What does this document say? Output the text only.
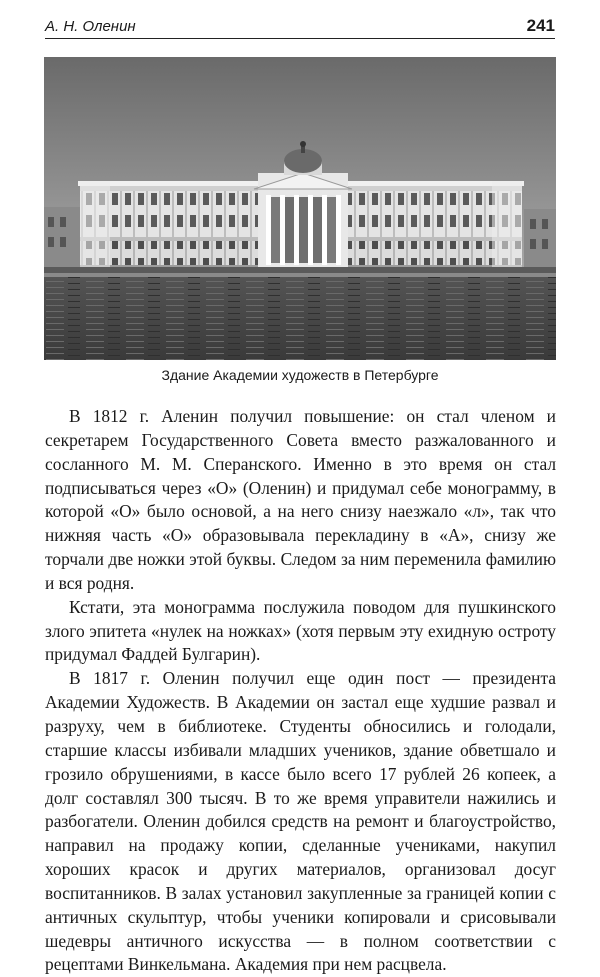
А. Н. Оленин	241
Здание Академии художеств в Петербурге

В 1812 г. Аленин получил повышение: он стал членом и секретарем Государственного Совета вместо разжалованного и сосланного М. М. Сперанского. Именно в это время он стал подписываться через «О» (Оленин) и придумал себе монограмму, в которой «О» было основой, а на него снизу наезжало «л», так что нижняя часть «О» образовывала перекладину в «А», снизу же торчали две ножки этой буквы. Следом за ним переменила фамилию и вся родня.

Кстати, эта монограмма послужила поводом для пушкинского злого эпитета «нулек на ножках» (хотя первым эту ехидную остроту придумал Фаддей Булгарин).

В 1817 г. Оленин получил еще один пост — президента Академии Художеств. В Академии он застал еще худшие развал и разруху, чем в библиотеке. Студенты обносились и голодали, старшие классы избивали младших учеников, здание обветшало и грозило обрушениями, в кассе было всего 17 рублей 26 копеек, а долг составлял 300 тысяч. В то же время управители нажились и разбогатели. Оленин добился средств на ремонт и благоустройство, направил на продажу копии, сделанные учениками, накупил хороших красок и других материалов, организовал досуг воспитанников. В залах установил закупленные за границей копии с античных скульптур, чтобы ученики копировали и срисовывали шедевры античного искусства — в полном соответствии с рецептами Винкельмана. Академия при нем расцвела.
